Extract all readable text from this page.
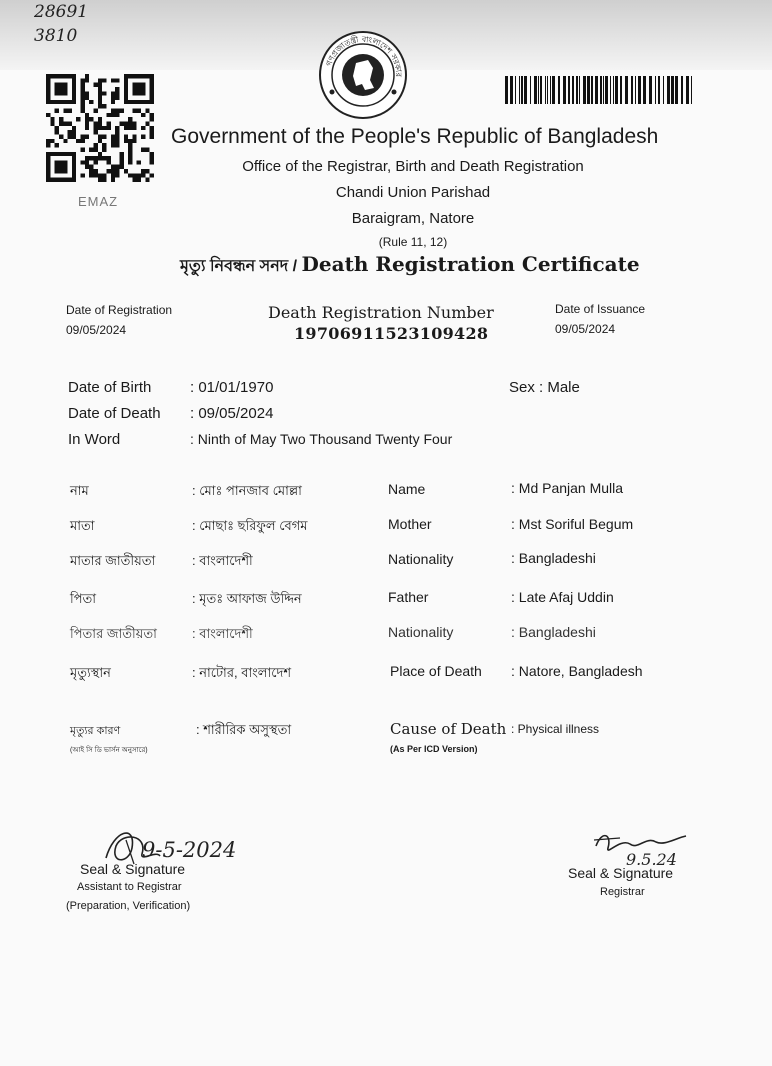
28691
3810
EMAZ
গণপ্রজাতন্ত্রী বাংলাদেশ সরকার
Government of the People's Republic of Bangladesh
Office of the Registrar, Birth and Death Registration
Chandi Union Parishad
Baraigram, Natore
(Rule 11, 12)
মৃত্যু নিবন্ধন সনদ / Death Registration Certificate
Date of Registration
09/05/2024
Death Registration Number
19706911523109428
Date of Issuance
09/05/2024
Date of Birth	: 01/01/1970	Sex : Male
Date of Death : 09/05/2024
In Word	: Ninth of May Two Thousand Twenty Four
নাম	: মোঃ পানজাব মোল্লা	Name	: Md Panjan Mulla
মাতা	: মোছাঃ ছরিফুল বেগম	Mother	: Mst Soriful Begum
মাতার জাতীয়তা	: বাংলাদেশী	Nationality	: Bangladeshi
পিতা	: মৃতঃ আফাজ উদ্দিন	Father	: Late Afaj Uddin
পিতার জাতীয়তা	: বাংলাদেশী	Nationality	: Bangladeshi
মৃত্যুস্থান	: নাটোর, বাংলাদেশ	Place of Death : Natore, Bangladesh
মৃত্যুর কারণ
(আই সি ডি ভার্সন অনুসারে)
: শারীরিক অসুস্থতা	Cause of Death : Physical illness
(As Per ICD Version)
9-5-2024
Seal & Signature
Assistant to Registrar
(Preparation, Verification)
9.5.24
Seal & Signature
Registrar
